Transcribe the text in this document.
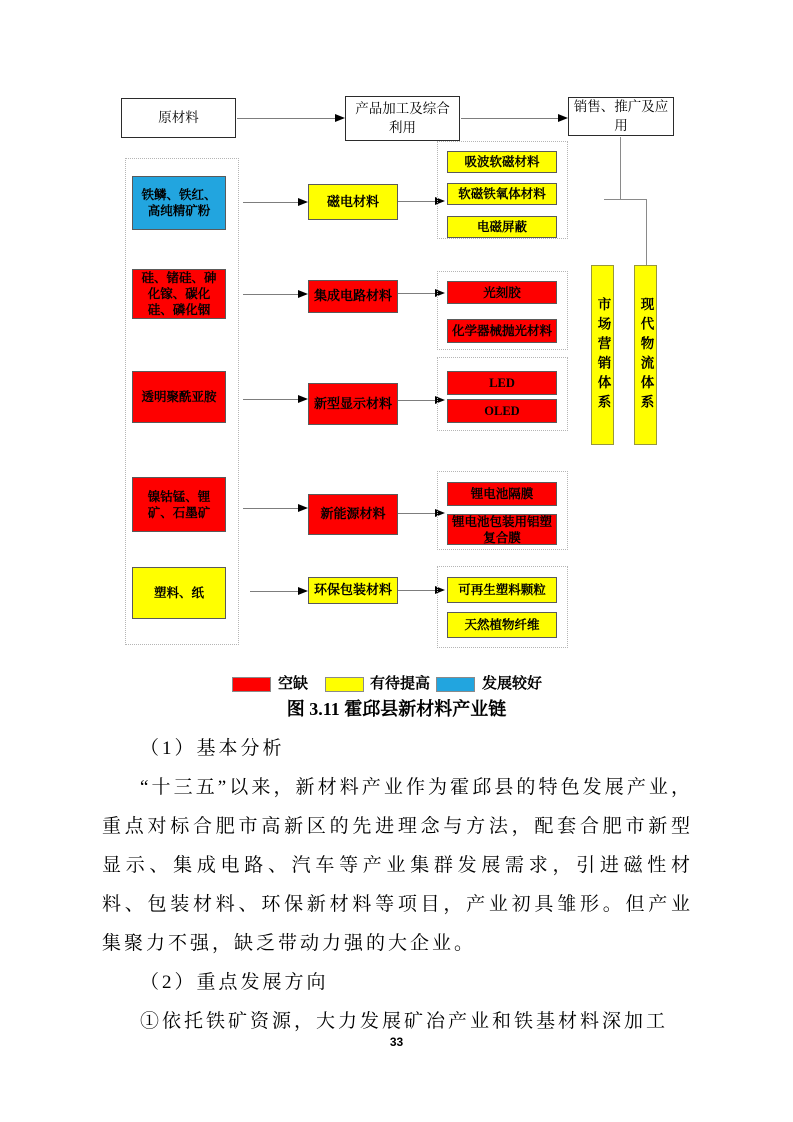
原材料
产品加工及综合利用
销售、推广及应用
市场营销体系	现代物流体系
铁鳞、铁红、高纯精矿粉
磁电材料
吸波软磁材料
软磁铁氧体材料
电磁屏蔽
硅、锗硅、砷化镓、碳化硅、磷化铟
集成电路材料	光刻胶
化学器械抛光材料
透明聚酰亚胺	新型显示材料
LED
OLED
镍钴锰、锂矿、石墨矿	新能源材料
锂电池隔膜
锂电池包装用铝塑复合膜
塑料、纸	环保包装材料	可再生塑料颗粒
天然植物纤维
空缺	有待提高	发展较好
图 3.11 霍邱县新材料产业链

（1）基本分析

“十三五”以来，新材料产业作为霍邱县的特色发展产业，重点对标合肥市高新区的先进理念与方法，配套合肥市新型显示、集成电路、汽车等产业集群发展需求，引进磁性材料、包装材料、环保新材料等项目，产业初具雏形。但产业集聚力不强，缺乏带动力强的大企业。

（2）重点发展方向

①依托铁矿资源，大力发展矿冶产业和铁基材料深加工

33
